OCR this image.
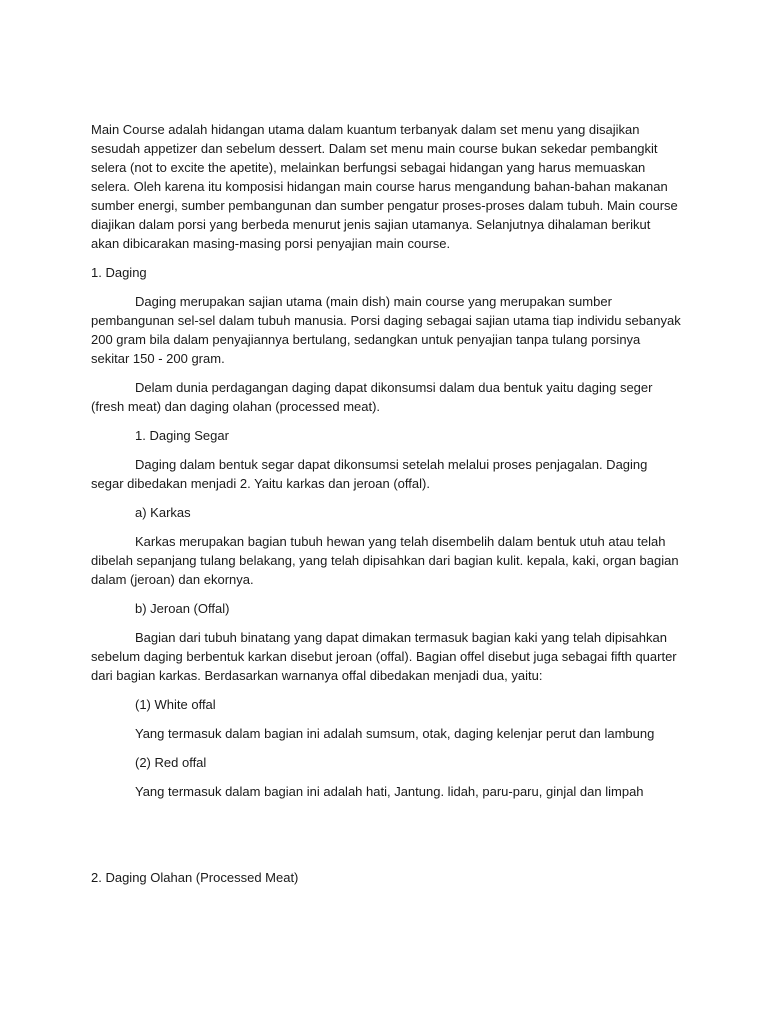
Main Course adalah hidangan utama dalam kuantum terbanyak dalam set menu yang disajikan sesudah appetizer dan sebelum dessert. Dalam set menu main course bukan sekedar pembangkit selera (not to excite the apetite), melainkan berfungsi sebagai hidangan yang harus memuaskan selera. Oleh karena itu komposisi hidangan main course harus mengandung bahan-bahan makanan sumber energi, sumber pembangunan dan sumber pengatur proses-proses dalam tubuh. Main course diajikan dalam porsi yang berbeda menurut jenis sajian utamanya. Selanjutnya dihalaman berikut akan dibicarakan masing-masing porsi penyajian main course.

1. Daging

Daging merupakan sajian utama (main dish) main course yang merupakan sumber pembangunan sel-sel dalam tubuh manusia. Porsi daging sebagai sajian utama tiap individu sebanyak 200 gram bila dalam penyajiannya bertulang, sedangkan untuk penyajian tanpa tulang porsinya sekitar 150 - 200 gram.

Delam dunia perdagangan daging dapat dikonsumsi dalam dua bentuk yaitu daging seger (fresh meat) dan daging olahan (processed meat).

1. Daging Segar

Daging dalam bentuk segar dapat dikonsumsi setelah melalui proses penjagalan. Daging segar dibedakan menjadi 2. Yaitu karkas dan jeroan (offal).

a) Karkas

Karkas merupakan bagian tubuh hewan yang telah disembelih dalam bentuk utuh atau telah dibelah sepanjang tulang belakang, yang telah dipisahkan dari bagian kulit. kepala, kaki, organ bagian dalam (jeroan) dan ekornya.

b) Jeroan (Offal)

Bagian dari tubuh binatang yang dapat dimakan termasuk bagian kaki yang telah dipisahkan sebelum daging berbentuk karkan disebut jeroan (offal). Bagian offel disebut juga sebagai fifth quarter dari bagian karkas. Berdasarkan warnanya offal dibedakan menjadi dua, yaitu:

(1) White offal

Yang termasuk dalam bagian ini adalah sumsum, otak, daging kelenjar perut dan lambung

(2) Red offal

Yang termasuk dalam bagian ini adalah hati, Jantung. lidah, paru-paru, ginjal dan limpah

2. Daging Olahan (Processed Meat)
